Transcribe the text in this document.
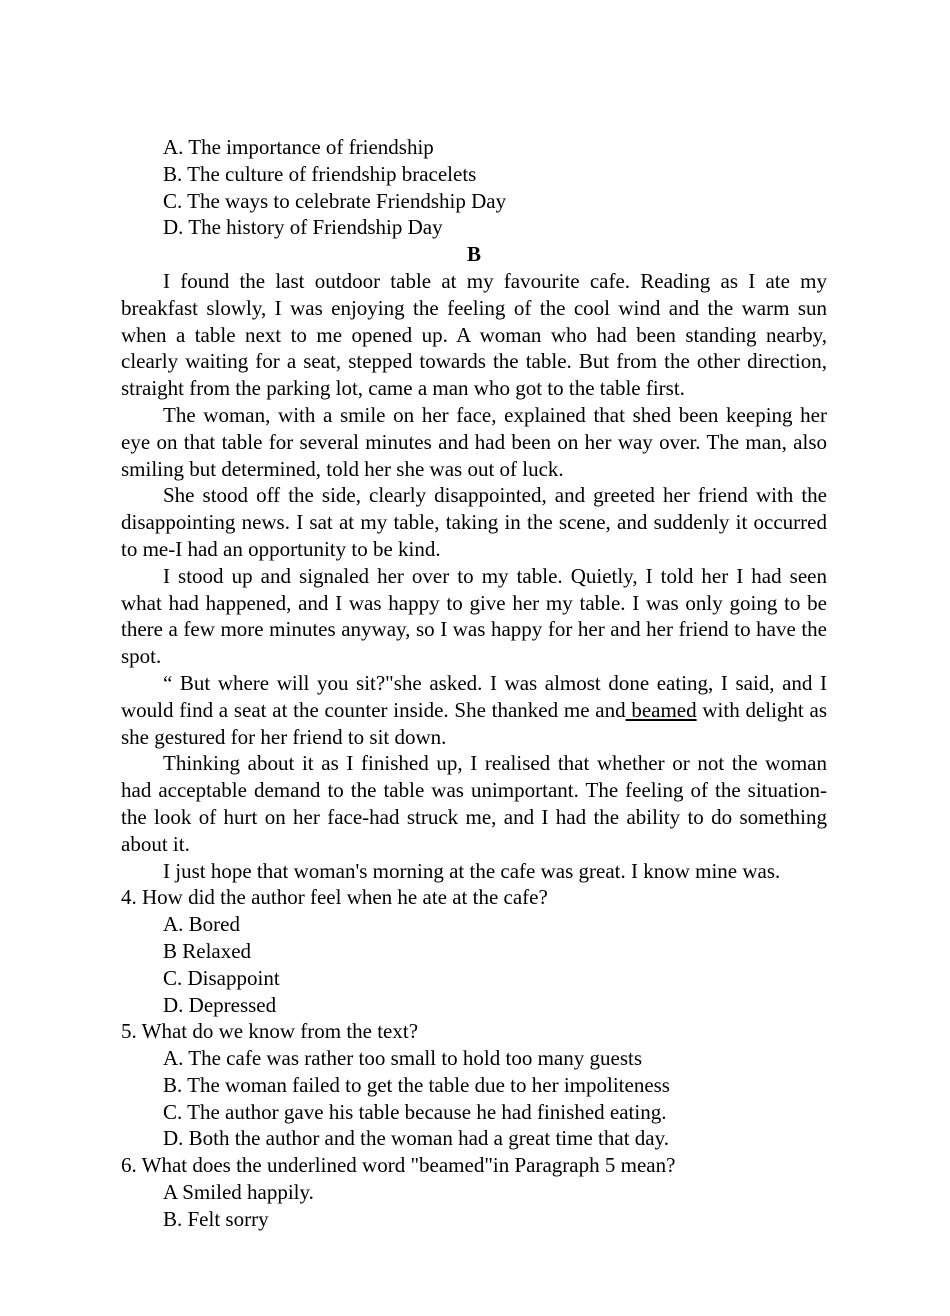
A. The importance of friendship
B. The culture of friendship bracelets
C. The ways to celebrate Friendship Day
D. The history of Friendship Day
B

I found the last outdoor table at my favourite cafe. Reading as I ate my breakfast slowly, I was enjoying the feeling of the cool wind and the warm sun when a table next to me opened up. A woman who had been standing nearby, clearly waiting for a seat, stepped towards the table. But from the other direction, straight from the parking lot, came a man who got to the table first.

The woman, with a smile on her face, explained that shed been keeping her eye on that table for several minutes and had been on her way over. The man, also smiling but determined, told her she was out of luck.

She stood off the side, clearly disappointed, and greeted her friend with the disappointing news. I sat at my table, taking in the scene, and suddenly it occurred to me-I had an opportunity to be kind.

I stood up and signaled her over to my table. Quietly, I told her I had seen what had happened, and I was happy to give her my table. I was only going to be there a few more minutes anyway, so I was happy for her and her friend to have the spot.

“ But where will you sit?"she asked. I was almost done eating, I said, and I would find a seat at the counter inside. She thanked me and beamed with delight as she gestured for her friend to sit down.

Thinking about it as I finished up, I realised that whether or not the woman had acceptable demand to the table was unimportant. The feeling of the situation-the look of hurt on her face-had struck me, and I had the ability to do something about it.

I just hope that woman's morning at the cafe was great. I know mine was.

4. How did the author feel when he ate at the cafe?
A. Bored
B Relaxed
C. Disappoint
D. Depressed
5. What do we know from the text?
A. The cafe was rather too small to hold too many guests
B. The woman failed to get the table due to her impoliteness
C. The author gave his table because he had finished eating.
D. Both the author and the woman had a great time that day.
6. What does the underlined word "beamed"in Paragraph 5 mean?
A Smiled happily.
B. Felt sorry
